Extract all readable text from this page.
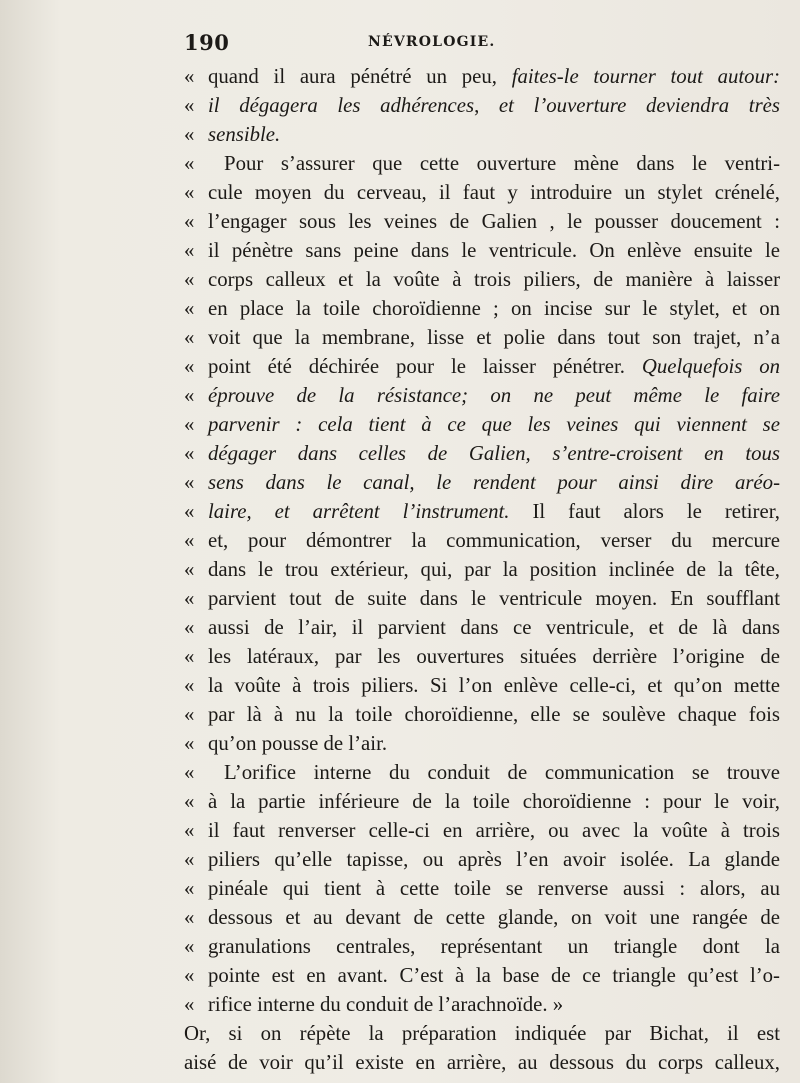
190	NÉVROLOGIE.
« quand il aura pénétré un peu, faites-le tourner tout autour:
« il dégagera les adhérences, et l’ouverture deviendra très
« sensible.
« Pour s’assurer que cette ouverture mène dans le ventri-
« cule moyen du cerveau, il faut y introduire un stylet crénelé,
« l’engager sous les veines de Galien , le pousser doucement :
« il pénètre sans peine dans le ventricule. On enlève ensuite le
« corps calleux et la voûte à trois piliers, de manière à laisser
« en place la toile choroïdienne ; on incise sur le stylet, et on
« voit que la membrane, lisse et polie dans tout son trajet, n’a
« point été déchirée pour le laisser pénétrer. Quelquefois on
« éprouve de la résistance; on ne peut même le faire
« parvenir : cela tient à ce que les veines qui viennent se
« dégager dans celles de Galien, s’entre-croisent en tous
« sens dans le canal, le rendent pour ainsi dire aréo-
« laire, et arrêtent l’instrument. Il faut alors le retirer,
« et, pour démontrer la communication, verser du mercure
« dans le trou extérieur, qui, par la position inclinée de la tête,
« parvient tout de suite dans le ventricule moyen. En soufflant
« aussi de l’air, il parvient dans ce ventricule, et de là dans
« les latéraux, par les ouvertures situées derrière l’origine de
« la voûte à trois piliers. Si l’on enlève celle-ci, et qu’on mette
« par là à nu la toile choroïdienne, elle se soulève chaque fois
« qu’on pousse de l’air.
« L’orifice interne du conduit de communication se trouve
« à la partie inférieure de la toile choroïdienne : pour le voir,
« il faut renverser celle-ci en arrière, ou avec la voûte à trois
« piliers qu’elle tapisse, ou après l’en avoir isolée. La glande
« pinéale qui tient à cette toile se renverse aussi : alors, au
« dessous et au devant de cette glande, on voit une rangée de
« granulations centrales, représentant un triangle dont la
« pointe est en avant. C’est à la base de ce triangle qu’est l’o-
« rifice interne du conduit de l’arachnoïde. »
Or, si on répète la préparation indiquée par Bichat, il est
aisé de voir qu’il existe en arrière, au dessous du corps calleux,
